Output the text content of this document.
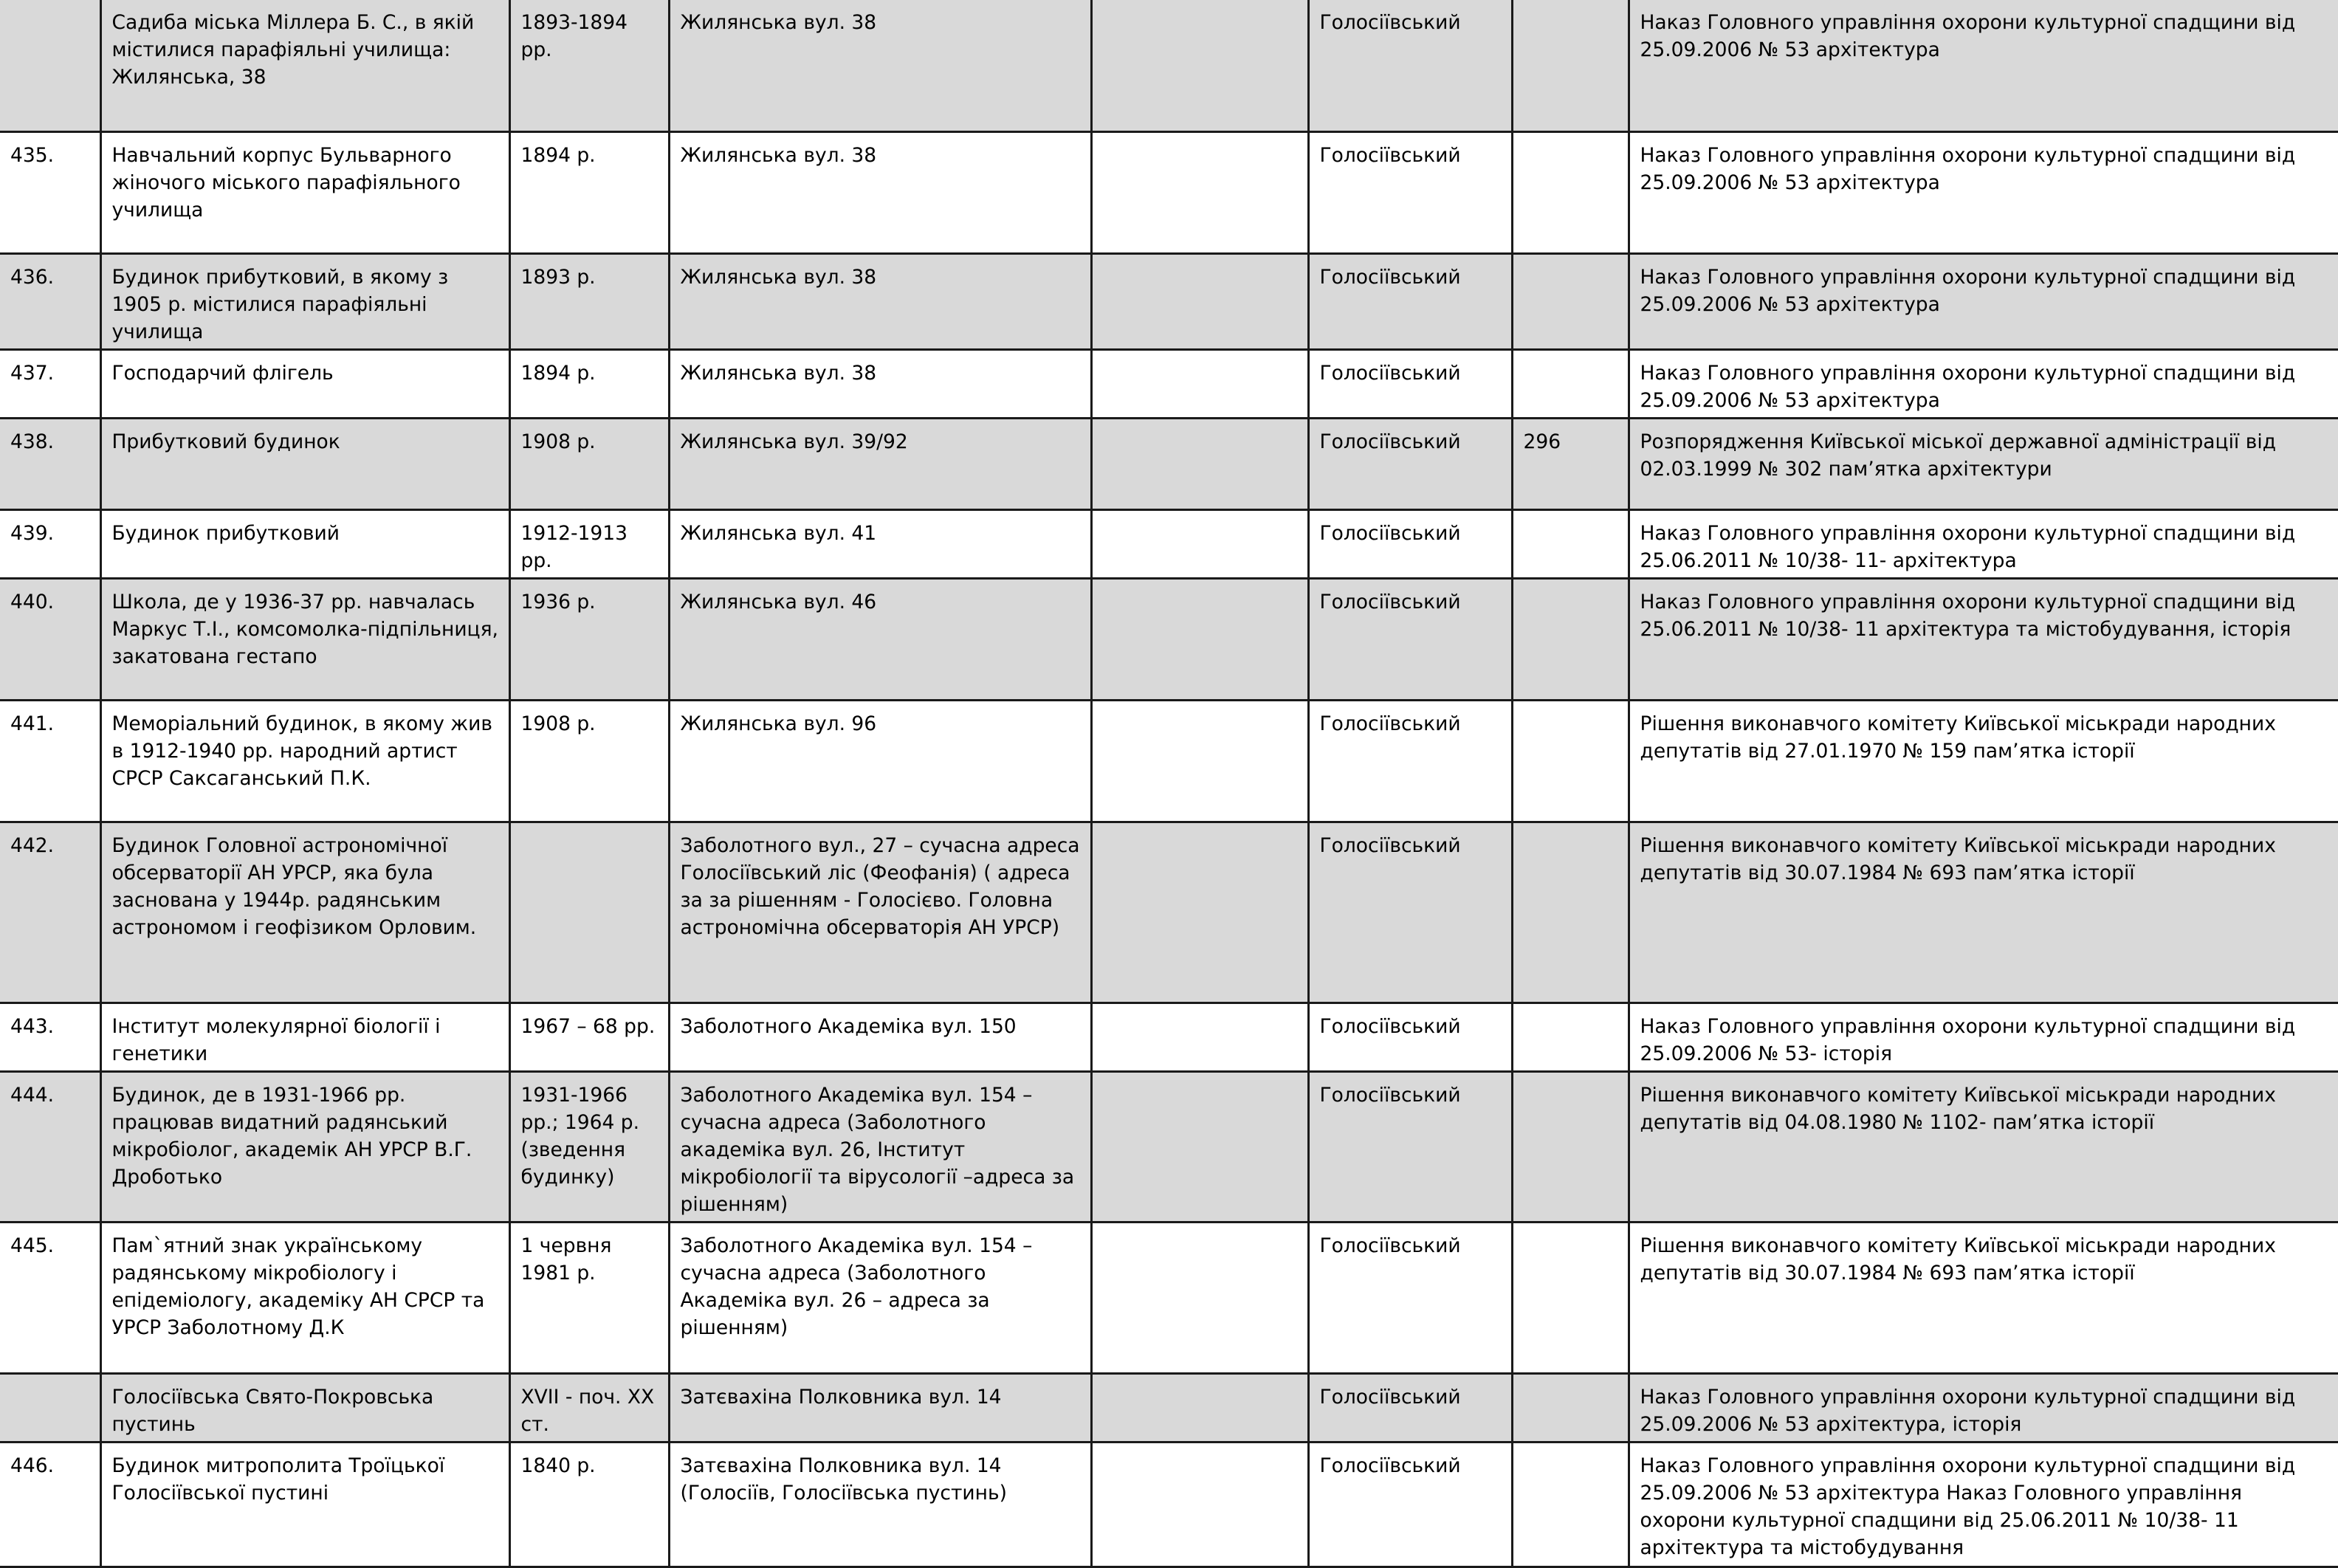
	Садиба міська Міллера Б. С., в якій містилися парафіяльні училища: Жилянська, 38	1893-1894 рр.	Жилянська вул. 38		Голосіївський		Наказ Головного управління охорони культурної спадщини від 25.09.2006 № 53 архітектура
435.	Навчальний корпус Бульварного жіночого міського парафіяльного училища	1894 р.	Жилянська вул. 38		Голосіївський		Наказ Головного управління охорони культурної спадщини від 25.09.2006 № 53 архітектура
436.	Будинок прибутковий, в якому з 1905 р. містилися парафіяльні училища	1893 р.	Жилянська вул. 38		Голосіївський		Наказ Головного управління охорони культурної спадщини від 25.09.2006 № 53 архітектура
437.	Господарчий флігель	1894 р.	Жилянська вул. 38		Голосіївський		Наказ Головного управління охорони культурної спадщини від 25.09.2006 № 53 архітектура
438.	Прибутковий будинок	1908 р.	Жилянська вул. 39/92		Голосіївський	296	Розпорядження Київської міської державної адміністрації від 02.03.1999 № 302 пам’ятка архітектури
439.	Будинок прибутковий	1912-1913 рр.	Жилянська вул. 41		Голосіївський		Наказ Головного управління охорони культурної спадщини від 25.06.2011 № 10/38- 11- архітектура
440.	Школа, де у 1936-37 рр. навчалась Маркус Т.І., комсомолка-підпільниця, закатована гестапо	1936 р.	Жилянська вул. 46		Голосіївський		Наказ Головного управління охорони культурної спадщини від 25.06.2011 № 10/38- 11 архітектура та містобудування, історія
441.	Меморіальний будинок, в якому жив в 1912-1940 рр. народний артист СРСР Саксаганський П.К.	1908 р.	Жилянська вул. 96		Голосіївський		Рішення виконавчого комітету Київської міськради народних депутатів від 27.01.1970 № 159 пам’ятка історії
442.	Будинок Головної астрономічної обсерваторії АН УРСР, яка була заснована у 1944р. радянським астрономом і геофізиком Орловим.		Заболотного вул., 27 – сучасна адреса Голосіївський ліс (Феофанія) ( адреса за за рішенням - Голосієво. Головна астрономічна обсерваторія АН УРСР)		Голосіївський		Рішення виконавчого комітету Київської міськради народних депутатів від 30.07.1984 № 693 пам’ятка історії
443.	Інститут молекулярної біології і генетики	1967 – 68 рр.	Заболотного Академіка вул. 150		Голосіївський		Наказ Головного управління охорони культурної спадщини від 25.09.2006 № 53- історія
444.	Будинок, де в 1931-1966 рр. працював видатний радянський мікробіолог, академік АН УРСР В.Г. Дроботько	1931-1966 рр.; 1964 р.(зведення будинку)	Заболотного Академіка вул. 154 – сучасна адреса (Заболотного академіка вул. 26, Інститут мікробіології та вірусології –адреса за рішенням)		Голосіївський		Рішення виконавчого комітету Київської міськради народних депутатів від 04.08.1980 № 1102- пам’ятка історії
445.	Пам`ятний знак українському радянському мікробіологу і епідеміологу, академіку АН СРСР та УРСР Заболотному Д.К	1 червня 1981 р.	Заболотного Академіка вул. 154 –сучасна адреса (Заболотного Академіка вул. 26 – адреса за рішенням)		Голосіївський		Рішення виконавчого комітету Київської міськради народних депутатів від 30.07.1984 № 693 пам’ятка історії
	Голосіївська Свято-Покровська пустинь	XVII - поч. XX ст.	Затєвахіна Полковника вул. 14		Голосіївський		Наказ Головного управління охорони культурної спадщини від 25.09.2006 № 53 архітектура, історія
446.	Будинок митрополита Троїцької Голосіївської пустині	1840 р.	Затєвахіна Полковника вул. 14 (Голосіїв, Голосіївська пустинь)		Голосіївський		Наказ Головного управління охорони культурної спадщини від 25.09.2006 № 53 архітектура Наказ Головного управління охорони культурної спадщини від 25.06.2011 № 10/38- 11 архітектура та містобудування
